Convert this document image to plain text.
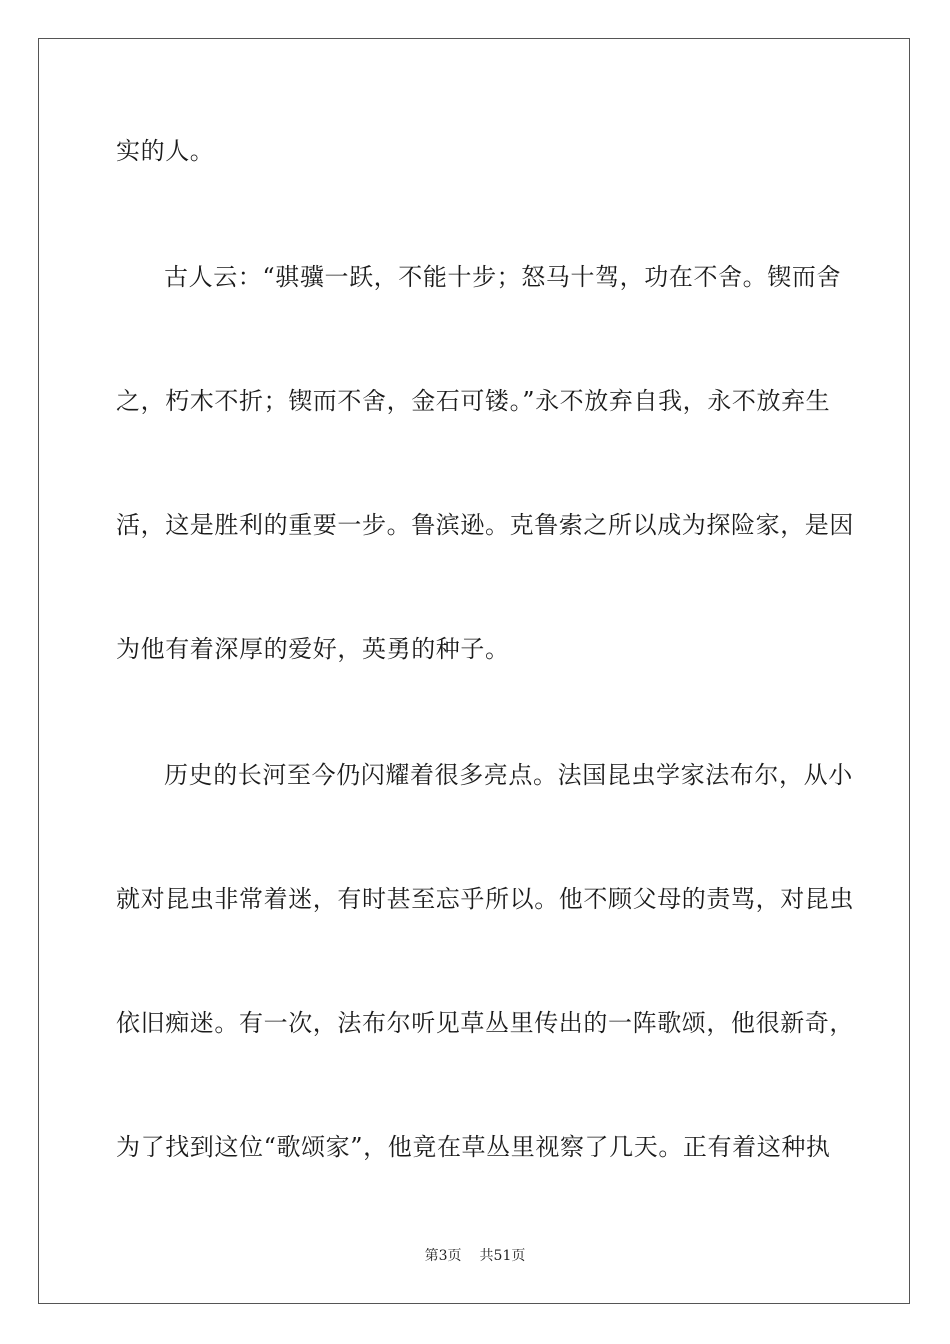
实的人。
古人云：“骐骥一跃，不能十步；怒马十驾，功在不舍。锲而舍
之，朽木不折；锲而不舍，金石可镂。”永不放弃自我，永不放弃生
活，这是胜利的重要一步。鲁滨逊。克鲁索之所以成为探险家，是因
为他有着深厚的爱好，英勇的种子。
历史的长河至今仍闪耀着很多亮点。法国昆虫学家法布尔，从小
就对昆虫非常着迷，有时甚至忘乎所以。他不顾父母的责骂，对昆虫
依旧痴迷。有一次，法布尔听见草丛里传出的一阵歌颂，他很新奇，
为了找到这位“歌颂家”，他竟在草丛里视察了几天。正有着这种执
第3页 共51页
